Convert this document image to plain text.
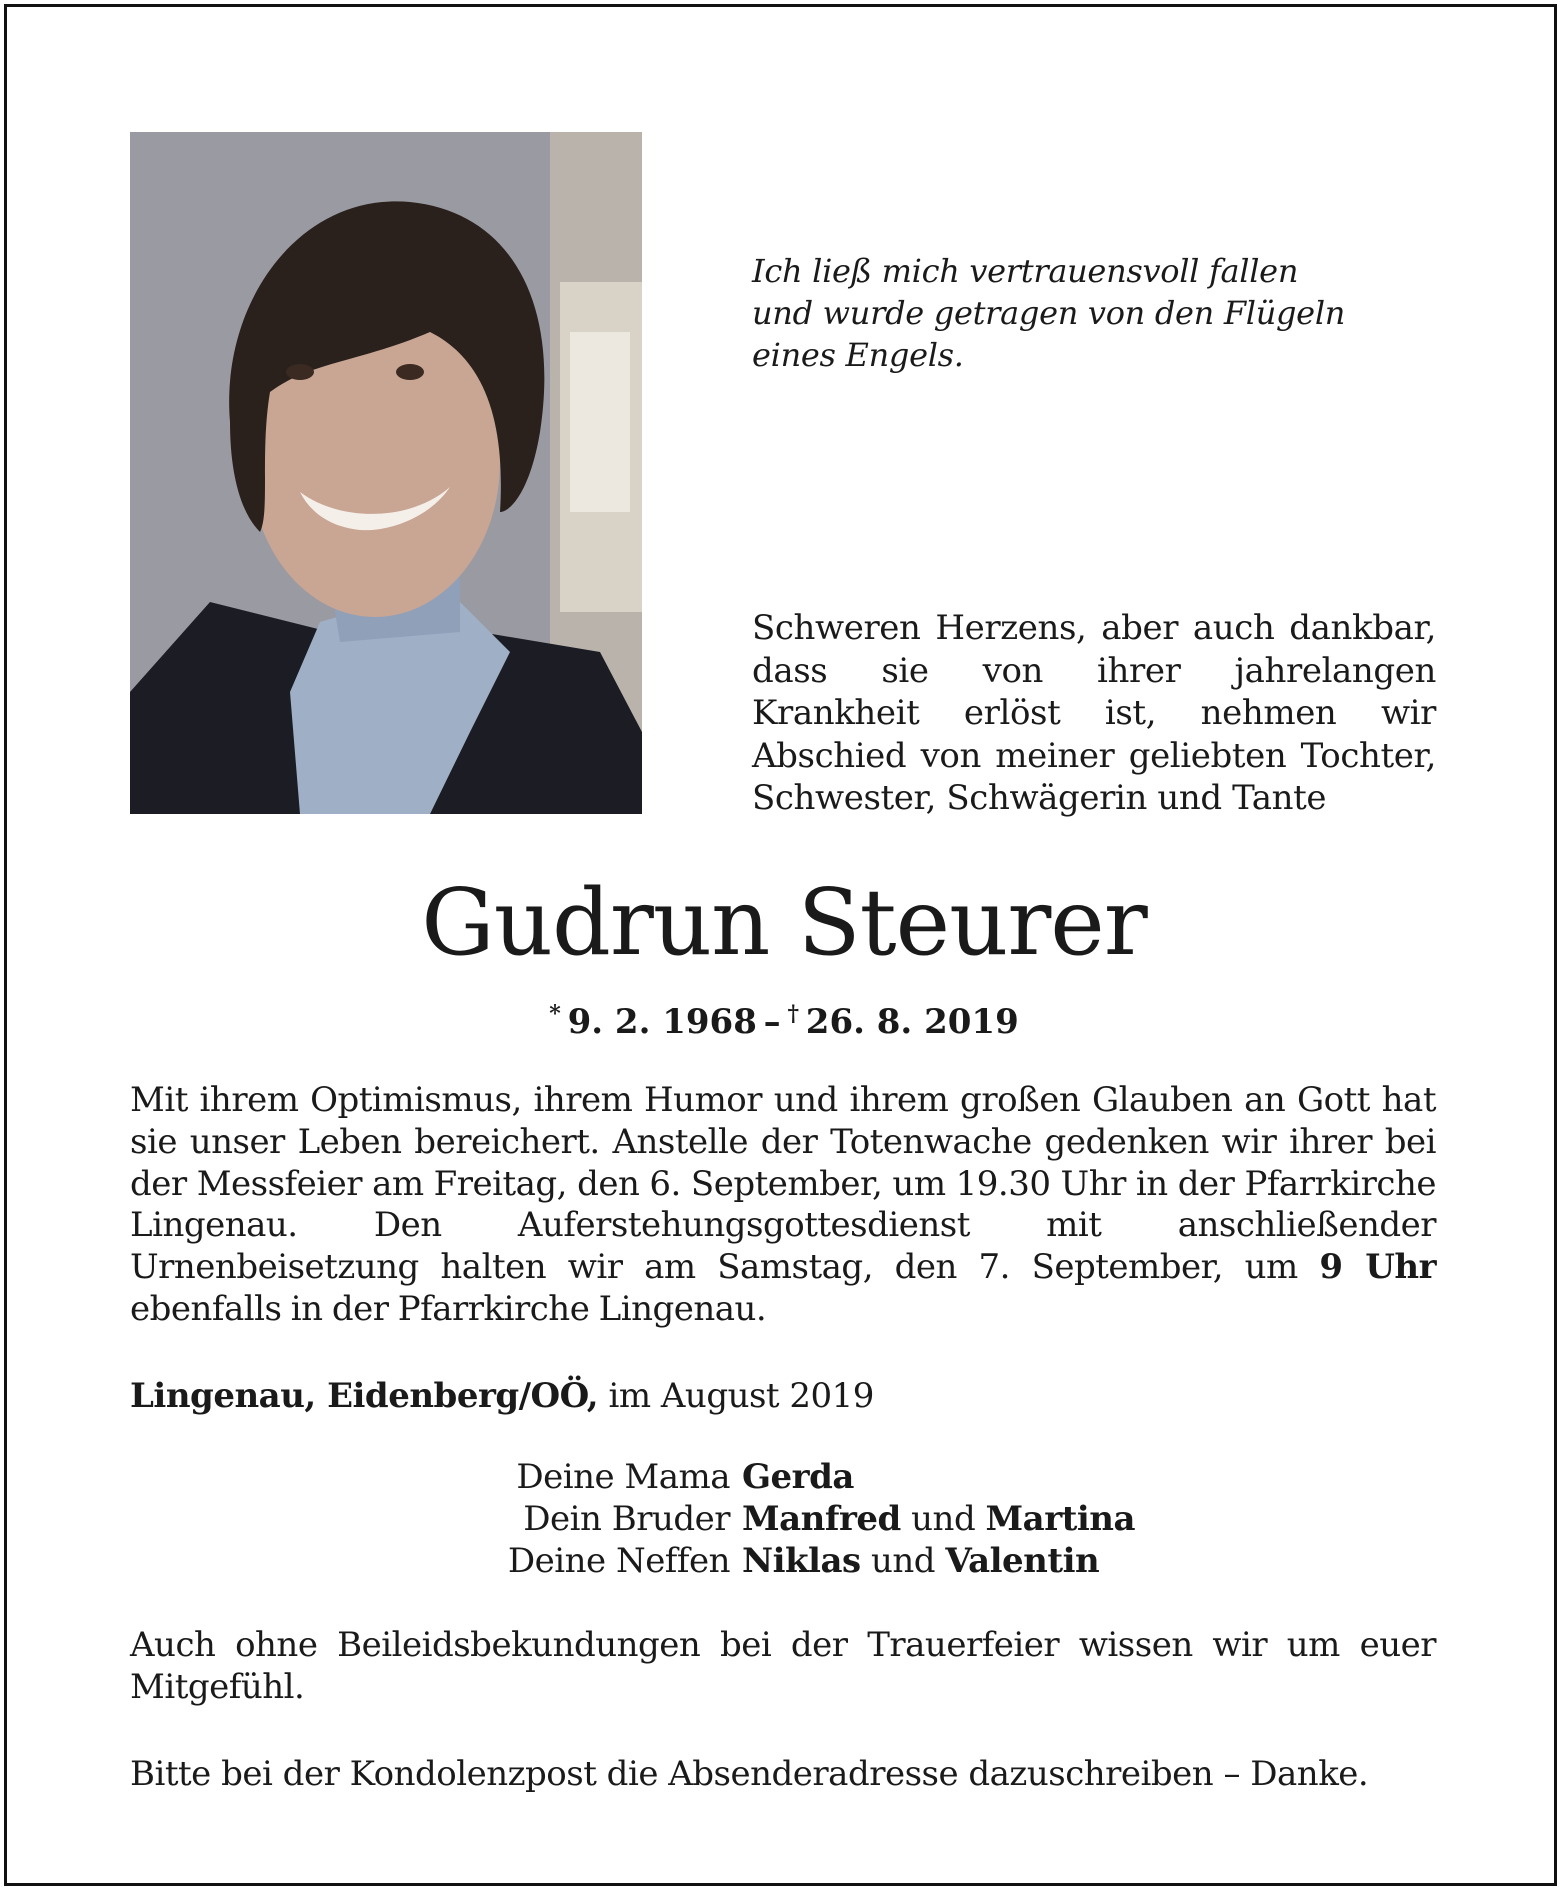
Ich ließ mich vertrauensvoll fallen
und wurde getragen von den Flügeln
eines Engels.
Schweren Herzens, aber auch dankbar, dass sie von ihrer jahrelangen Krankheit erlöst ist, nehmen wir Abschied von meiner geliebten Tochter, Schwester, Schwägerin und Tante
Gudrun Steurer
*  9. 2. 1968  –  †  26. 8. 2019
Mit ihrem Optimismus, ihrem Humor und ihrem großen Glauben an Gott hat sie unser Leben bereichert. Anstelle der Totenwache gedenken wir ihrer bei der Messfeier am Freitag, den 6. September, um 19.30 Uhr in der Pfarrkirche Lingenau. Den Auferstehungsgottesdienst mit anschließender Urnenbeisetzung halten wir am Samstag, den 7. September, um 9 Uhr ebenfalls in der Pfarrkirche Lingenau.
Lingenau, Eidenberg/OÖ, im August 2019
Deine Mama Gerda
Dein Bruder Manfred und Martina
Deine Neffen Niklas und Valentin
Auch ohne Beileidsbekundungen bei der Trauerfeier wissen wir um euer Mitgefühl.
Bitte bei der Kondolenzpost die Absenderadresse dazuschreiben – Danke.
